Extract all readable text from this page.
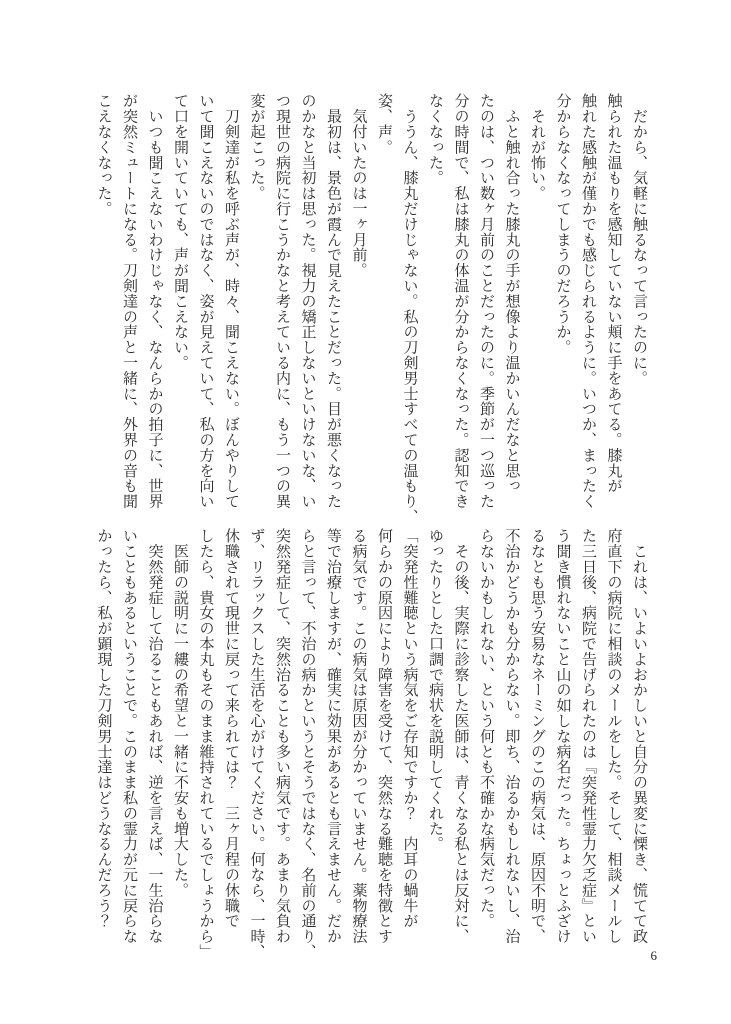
　だから、気軽に触るなって言ったのに。
触られた温もりを感知していない頬に手をあてる。膝丸が
触れた感触が僅かでも感じられるように。いつか、まったく
分からなくなってしまうのだろうか。
　それが怖い。
　ふと触れ合った膝丸の手が想像より温かいんだなと思っ
たのは、つい数ヶ月前のことだったのに。季節が一つ巡った
分の時間で、私は膝丸の体温が分からなくなった。認知でき
なくなった。
　ううん、膝丸だけじゃない。私の刀剣男士すべての温もり、
姿、声。
　気付いたのは一ヶ月前。
　最初は、景色が霞んで見えたことだった。目が悪くなった
のかなと当初は思った。視力の矯正しないといけないな、い
つ現世の病院に行こうかなと考えている内に、もう一つの異
変が起こった。
　刀剣達が私を呼ぶ声が、時々、聞こえない。ぼんやりして
いて聞こえないのではなく、姿が見えていて、私の方を向い
て口を開いていても、声が聞こえない。
　いつも聞こえないわけじゃなく、なんらかの拍子に、世界
が突然ミュートになる。刀剣達の声と一緒に、外界の音も聞
こえなくなった。
　これは、いよいよおかしいと自分の異変に慄き、慌てて政
府直下の病院に相談のメールをした。そして、相談メールし
た三日後、病院で告げられたのは『突発性霊力欠乏症』とい
う聞き慣れないこと山の如しな病名だった。ちょっとふざけ
るなとも思う安易なネーミングのこの病気は、原因不明で、
不治かどうかも分からない。即ち、治るかもしれないし、治
らないかもしれない、という何とも不確かな病気だった。
　その後、実際に診察した医師は、青くなる私とは反対に、
ゆったりとした口調で病状を説明してくれた。
「突発性難聴という病気をご存知ですか？　内耳の蝸牛が
何らかの原因により障害を受けて、突然なる難聴を特徴とす
る病気です。この病気は原因が分かっていません。薬物療法
等で治療しますが、確実に効果があるとも言えません。だか
らと言って、不治の病かというとそうではなく、名前の通り、
突然発症して、突然治ることも多い病気です。あまり気負わ
ず、リラックスした生活を心がけてください。何なら、一時、
休職されて現世に戻って来られては？　三ヶ月程の休職で
したら、貴女の本丸もそのまま維持されているでしょうから」
　医師の説明に一縷の希望と一緒に不安も増大した。
　突然発症して治ることもあれば、逆を言えば、一生治らな
いこともあるということで。このまま私の霊力が元に戻らな
かったら、私が顕現した刀剣男士達はどうなるんだろう？
6
